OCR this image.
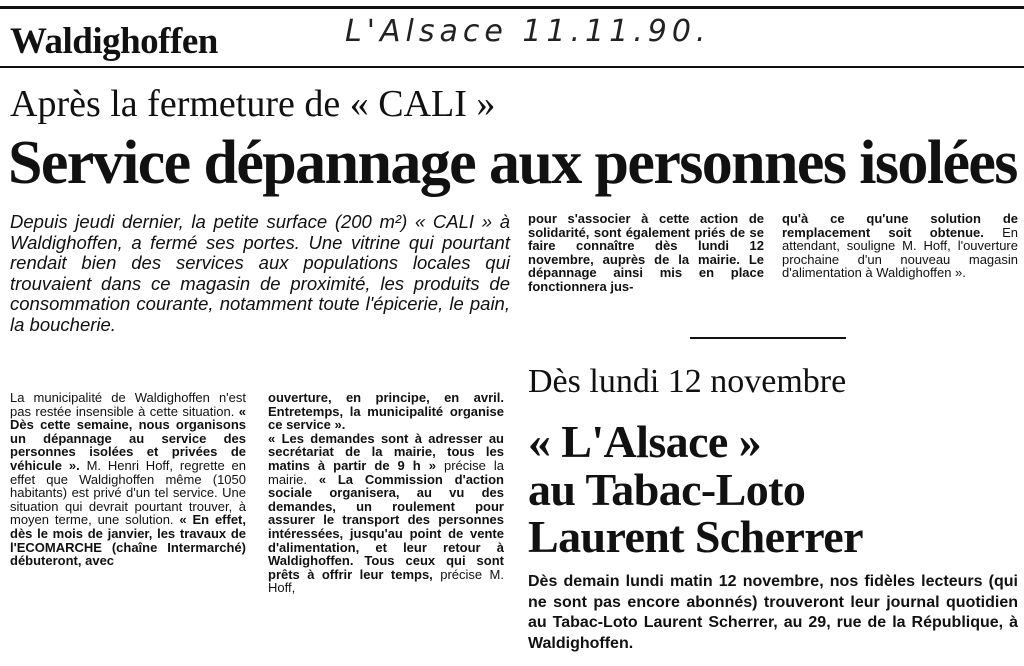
Waldighoffen	L'Alsace 11.11.90.
Après la fermeture de « CALI »
Service dépannage aux personnes isolées

Depuis jeudi dernier, la petite surface (200 m²) « CALI » à Waldighoffen, a fermé ses portes. Une vitrine qui pourtant rendait bien des services aux populations locales qui trouvaient dans ce magasin de proximité, les produits de consommation courante, notamment toute l'épicerie, le pain, la boucherie.

La municipalité de Waldighoffen n'est pas restée insensible à cette situation. « Dès cette semaine, nous organisons un dépannage au service des personnes isolées et privées de véhicule ». M. Henri Hoff, regrette en effet que Waldighoffen même (1050 habitants) est privé d'un tel service. Une situation qui devrait pourtant trouver, à moyen terme, une solution. « En effet, dès le mois de janvier, les travaux de l'ECOMARCHE (chaîne Intermarché) débuteront, avec

ouverture, en principe, en avril. Entretemps, la municipalité organise ce service ».
« Les demandes sont à adresser au secrétariat de la mairie, tous les matins à partir de 9 h » précise la mairie. « La Commission d'action sociale organisera, au vu des demandes, un roulement pour assurer le transport des personnes intéressées, jusqu'au point de vente d'alimentation, et leur retour à Waldighoffen. Tous ceux qui sont prêts à offrir leur temps, précise M. Hoff,

pour s'associer à cette action de solidarité, sont également priés de se faire connaître dès lundi 12 novembre, auprès de la mairie. Le dépannage ainsi mis en place fonctionnera jus-

qu'à ce qu'une solution de remplacement soit obtenue. En attendant, souligne M. Hoff, l'ouverture prochaine d'un nouveau magasin d'alimentation à Waldighoffen ».

Dès lundi 12 novembre
« L'Alsace »
au Tabac-Loto
Laurent Scherrer

Dès demain lundi matin 12 novembre, nos fidèles lecteurs (qui ne sont pas encore abonnés) trouveront leur journal quotidien au Tabac-Loto Laurent Scherrer, au 29, rue de la République, à Waldighoffen.
